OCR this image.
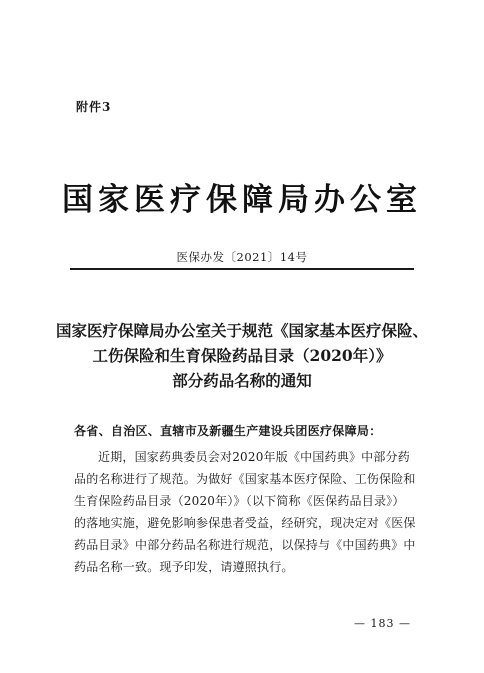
附件3
国家医疗保障局办公室
医保办发〔2021〕14号
国家医疗保障局办公室关于规范《国家基本医疗保险、
工伤保险和生育保险药品目录（2020年）》
部分药品名称的通知
各省、自治区、直辖市及新疆生产建设兵团医疗保障局：
近期，国家药典委员会对2020年版《中国药典》中部分药
品的名称进行了规范。为做好《国家基本医疗保险、工伤保险和
生育保险药品目录（2020年）》（以下简称《医保药品目录》）
的落地实施，避免影响参保患者受益，经研究，现决定对《医保
药品目录》中部分药品名称进行规范，以保持与《中国药典》中
药品名称一致。现予印发，请遵照执行。
— 183 —
